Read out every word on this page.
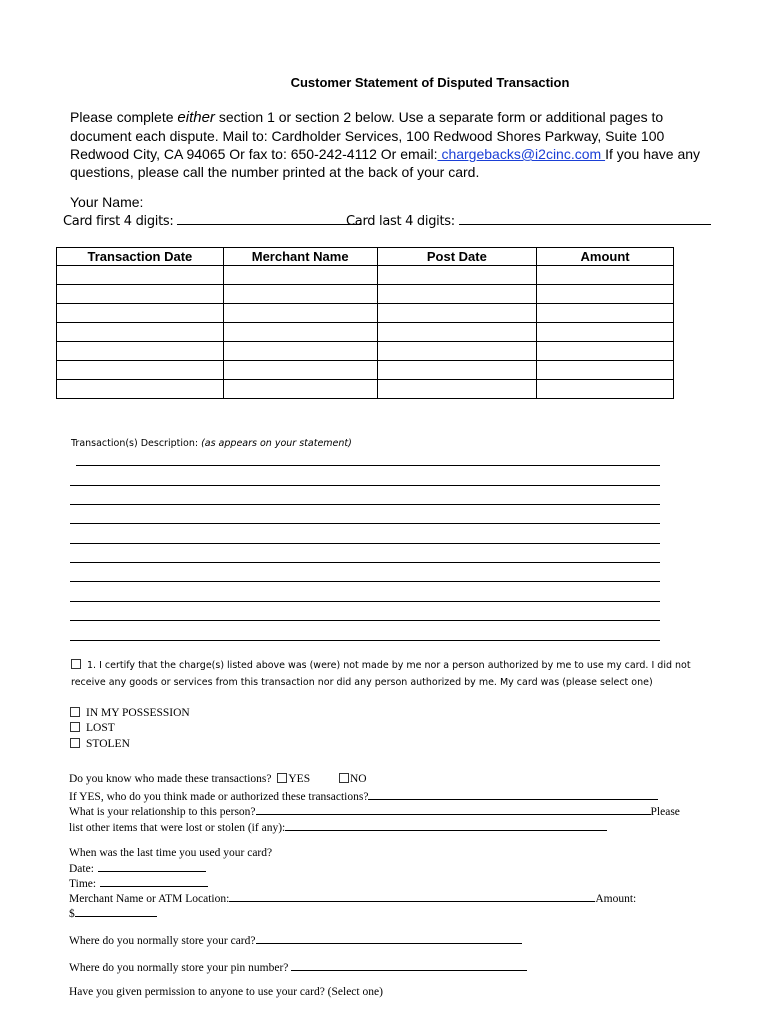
Customer Statement of Disputed Transaction
Please complete either section 1 or section 2 below. Use a separate form or additional pages to document each dispute. Mail to: Cardholder Services, 100 Redwood Shores Parkway, Suite 100 Redwood City, CA 94065 Or fax to: 650-242-4112 Or email: chargebacks@i2cinc.com If you have any questions, please call the number printed at the back of your card.
Your Name:
Card first 4 digits:	Card last 4 digits:
Transaction Date	Merchant Name	Post Date	Amount

Transaction(s) Description: (as appears on your statement)
1. I certify that the charge(s) listed above was (were) not made by me nor a person authorized by me to use my card. I did not receive any goods or services from this transaction nor did any person authorized by me. My card was (please select one)
IN MY POSSESSION
LOST
STOLEN
Do you know who made these transactions? YES	NO
If YES, who do you think made or authorized these transactions?
What is your relationship to this person?	Please
list other items that were lost or stolen (if any):
When was the last time you used your card?
Date:
Time:
Merchant Name or ATM Location:	Amount:
$
Where do you normally store your card?
Where do you normally store your pin number?
Have you given permission to anyone to use your card? (Select one)
